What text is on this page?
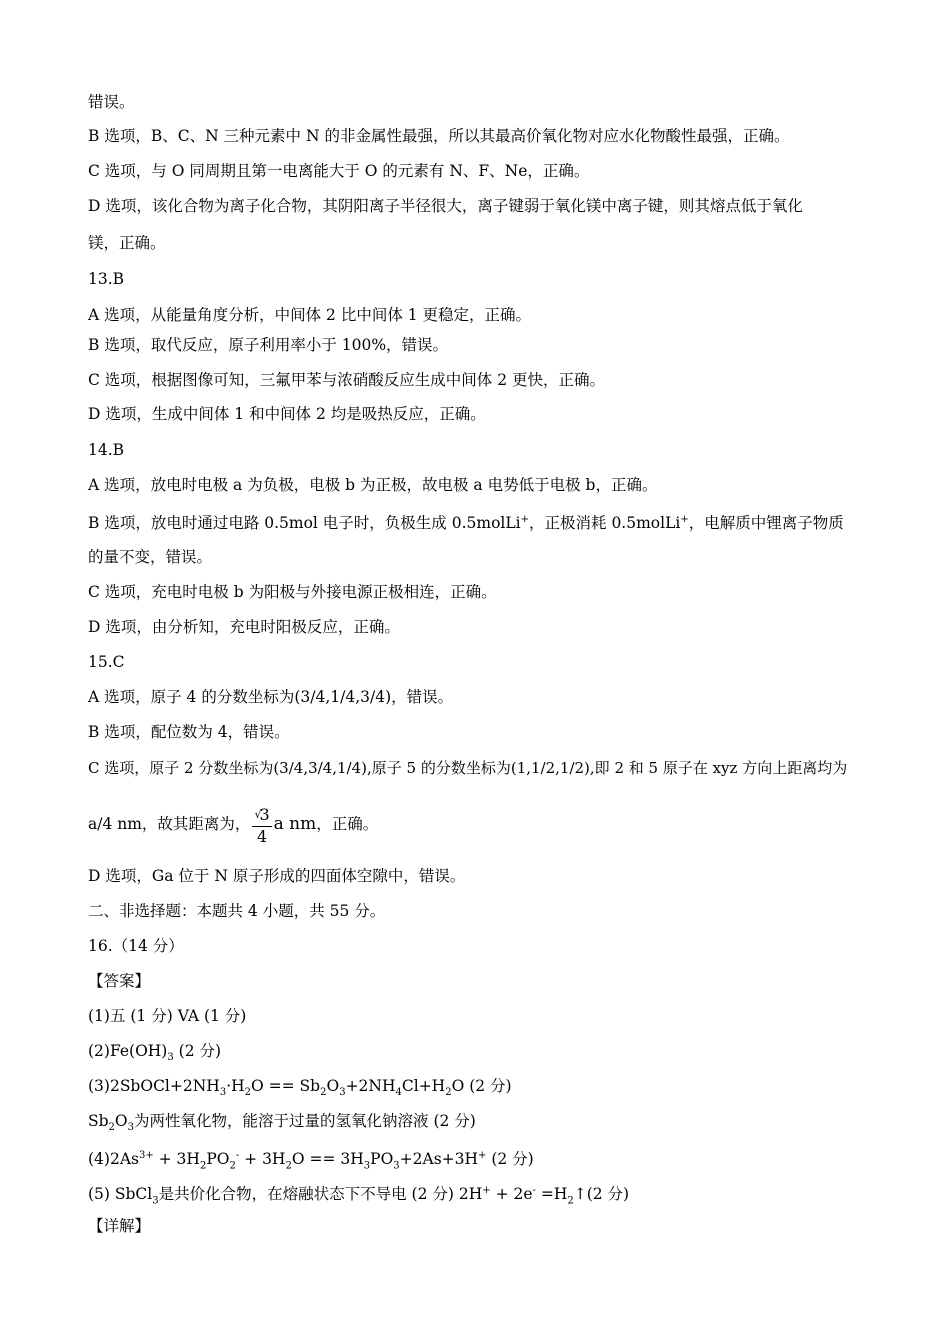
错误。
B 选项，B、C、N 三种元素中 N 的非金属性最强，所以其最高价氧化物对应水化物酸性最强，正确。
C 选项，与 O 同周期且第一电离能大于 O 的元素有 N、F、Ne，正确。
D 选项，该化合物为离子化合物，其阴阳离子半径很大，离子键弱于氧化镁中离子键，则其熔点低于氧化
镁，正确。
13.B
A 选项，从能量角度分析，中间体 2 比中间体 1 更稳定，正确。
B 选项，取代反应，原子利用率小于 100%，错误。
C 选项，根据图像可知，三氟甲苯与浓硝酸反应生成中间体 2 更快，正确。
D 选项，生成中间体 1 和中间体 2 均是吸热反应，正确。
14.B
A 选项，放电时电极 a 为负极，电极 b 为正极，故电极 a 电势低于电极 b，正确。
B 选项，放电时通过电路 0.5mol 电子时，负极生成 0.5molLi+，正极消耗 0.5molLi+，电解质中锂离子物质
的量不变，错误。
C 选项，充电时电极 b 为阳极与外接电源正极相连，正确。
D 选项，由分析知，充电时阳极反应，正确。
15.C
A 选项，原子 4 的分数坐标为(3/4,1/4,3/4)，错误。
B 选项，配位数为 4，错误。
C 选项，原子 2 分数坐标为(3/4,3/4,1/4),原子 5 的分数坐标为(1,1/2,1/2),即 2 和 5 原子在 xyz 方向上距离均为
a/4 nm，故其距离为， $\frac{^√3}{4}$ a nm，正确。
D 选项，Ga 位于 N 原子形成的四面体空隙中，错误。
二、非选择题：本题共 4 小题，共 55 分。
16.（14 分）
【答案】
(1)五 (1 分) VA (1 分)
$(2)Fe(OH)_3$ (2 分)
$(3)2SbOCl+2NH_3\cdot H_2O == Sb_2O_3+2NH_4Cl+H_2O$ (2 分)
$Sb_2O_3$为两性氧化物，能溶于过量的氢氧化钠溶液 (2 分)
$(4)2As^{3+} + 3H_2PO_2^- + 3H_2O == 3H_3PO_3+2As+3H^+$ (2 分)
(5) SbCl$_3$是共价化合物，在熔融状态下不导电 (2 分) $2H^+ + 2e^- =H_2↑(2$ 分)
【详解】
